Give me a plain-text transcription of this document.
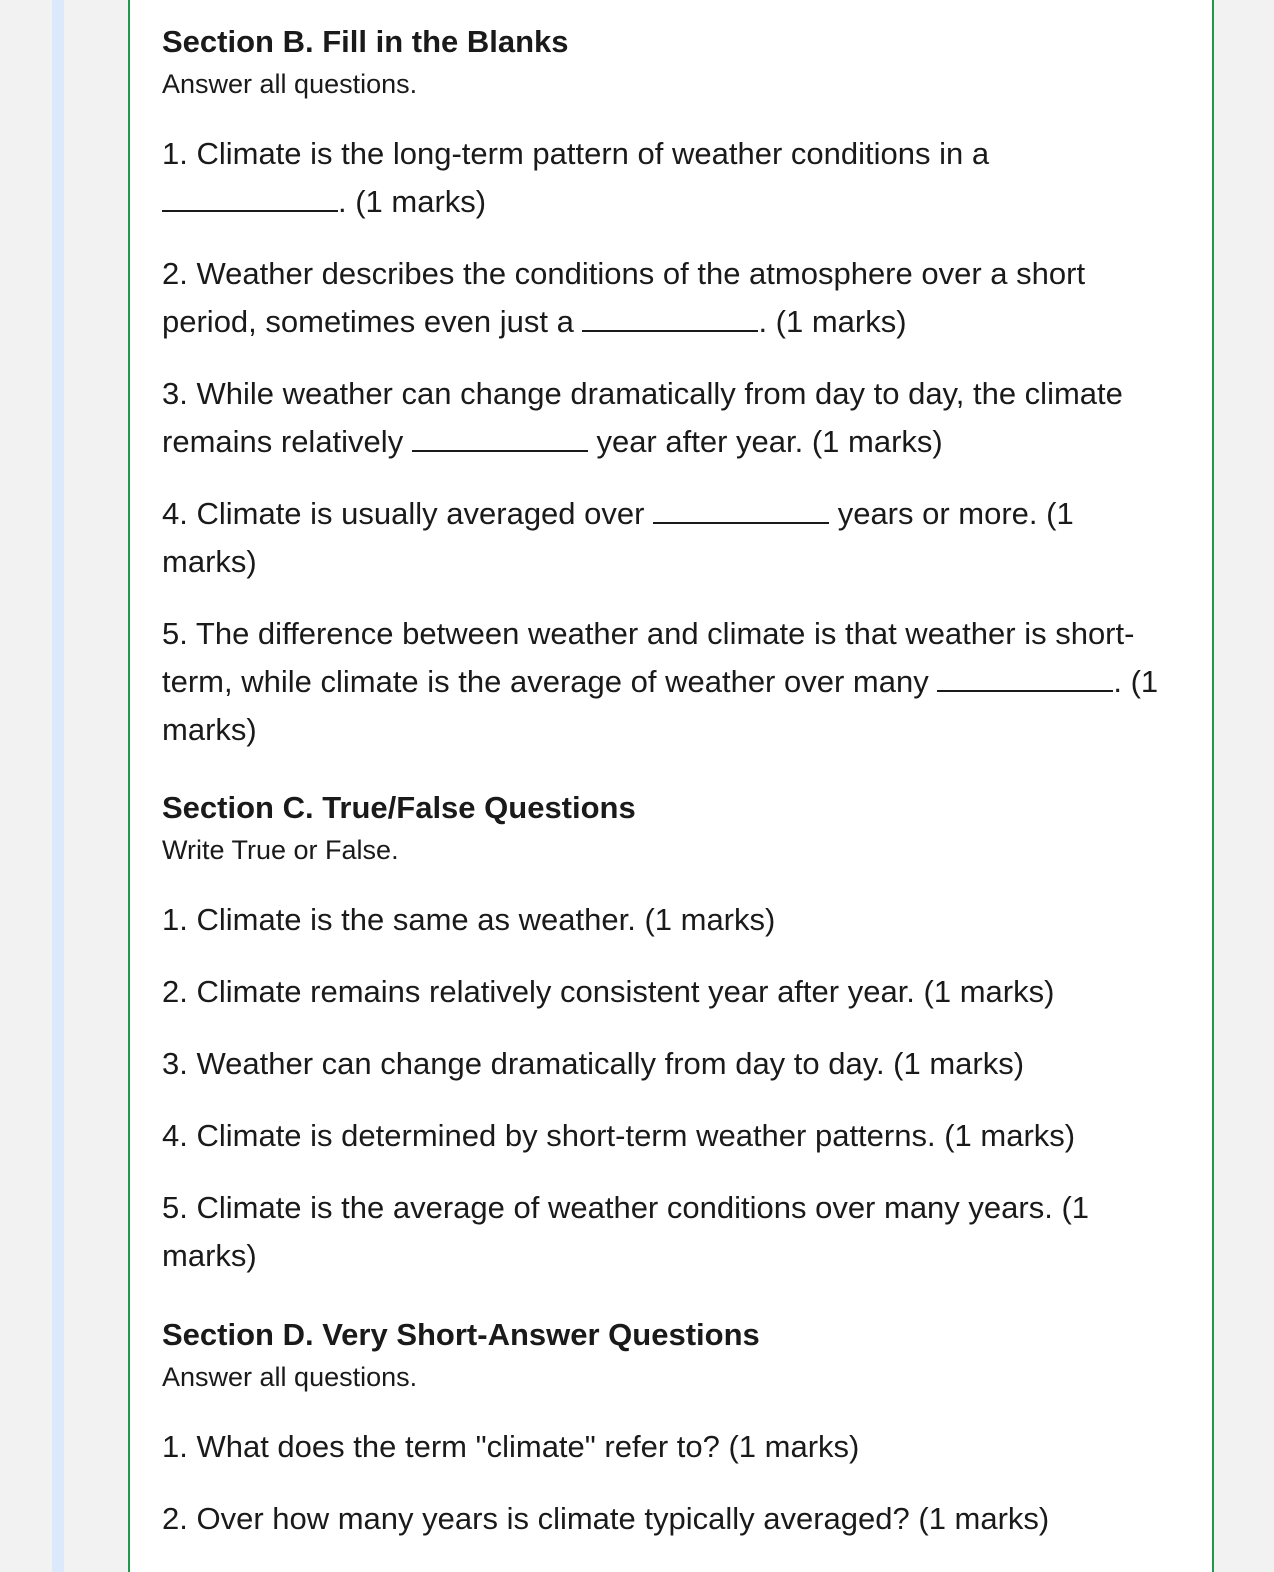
Section B. Fill in the Blanks

Answer all questions.

1. Climate is the long-term pattern of weather conditions in a
. (1 marks)

2. Weather describes the conditions of the atmosphere over a short period, sometimes even just a	. (1 marks)

3. While weather can change dramatically from day to day, the climate remains relatively	year after year. (1 marks)

4. Climate is usually averaged over	years or more. (1 marks)

5. The difference between weather and climate is that weather is short-term, while climate is the average of weather over many	. (1 marks)

Section C. True/False Questions

Write True or False.

1. Climate is the same as weather. (1 marks)

2. Climate remains relatively consistent year after year. (1 marks)

3. Weather can change dramatically from day to day. (1 marks)

4. Climate is determined by short-term weather patterns. (1 marks)

5. Climate is the average of weather conditions over many years. (1 marks)

Section D. Very Short-Answer Questions

Answer all questions.

1. What does the term "climate" refer to? (1 marks)

2. Over how many years is climate typically averaged? (1 marks)
